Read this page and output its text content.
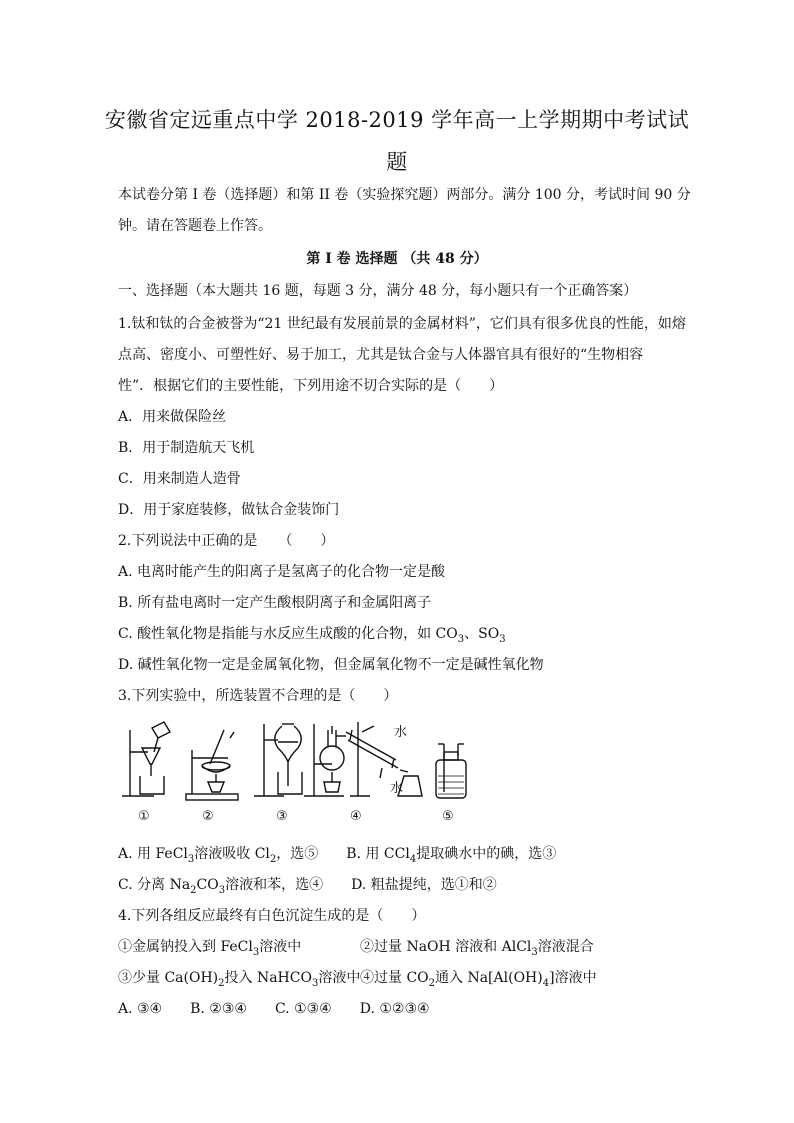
安徽省定远重点中学 2018-2019 学年高一上学期期中考试试
题
本试卷分第 I 卷（选择题）和第 II 卷（实验探究题）两部分。满分 100 分，考试时间 90 分
钟。请在答题卷上作答。
第 I 卷 选择题 （共 48 分）
一、选择题（本大题共 16 题，每题 3 分，满分 48 分，每小题只有一个正确答案）
1.钛和钛的合金被誉为“21 世纪最有发展前景的金属材料”，它们具有很多优良的性能，如熔
点高、密度小、可塑性好、易于加工，尤其是钛合金与人体器官具有很好的“生物相容
性”．根据它们的主要性能，下列用途不切合实际的是（　　）
A．用来做保险丝
B．用于制造航天飞机
C．用来制造人造骨
D．用于家庭装修，做钛合金装饰门
2.下列说法中正确的是　　（　　）
A. 电离时能产生的阳离子是氢离子的化合物一定是酸
B. 所有盐电离时一定产生酸根阴离子和金属阳离子
C. 酸性氧化物是指能与水反应生成酸的化合物，如 $CO_3$、$SO_3$
D. 碱性氧化物一定是金属氧化物，但金属氧化物不一定是碱性氧化物
3.下列实验中，所选装置不合理的是（　　）
①	②	③	④	⑤
水
水
A. 用 FeCl$_3$溶液吸收 $Cl_2$，选⑤　　 B. 用 CCl$_4$提取碘水中的碘，选③
C. 分离 $Na_2CO_3$溶液和苯，选④　　 D. 粗盐提纯，选①和②
4.下列各组反应最终有白色沉淀生成的是（　　）
①金属钠投入到 FeCl$_3$溶液中	②过量 NaOH 溶液和 AlCl$_3$溶液混合
③少量 $Ca(OH)_2$投入 NaHCO$_3$溶液中④过量 $CO_2$通入 $Na[Al(OH)_4]$溶液中
A. ③④　　B. ②③④　　C. ①③④　　D. ①②③④
